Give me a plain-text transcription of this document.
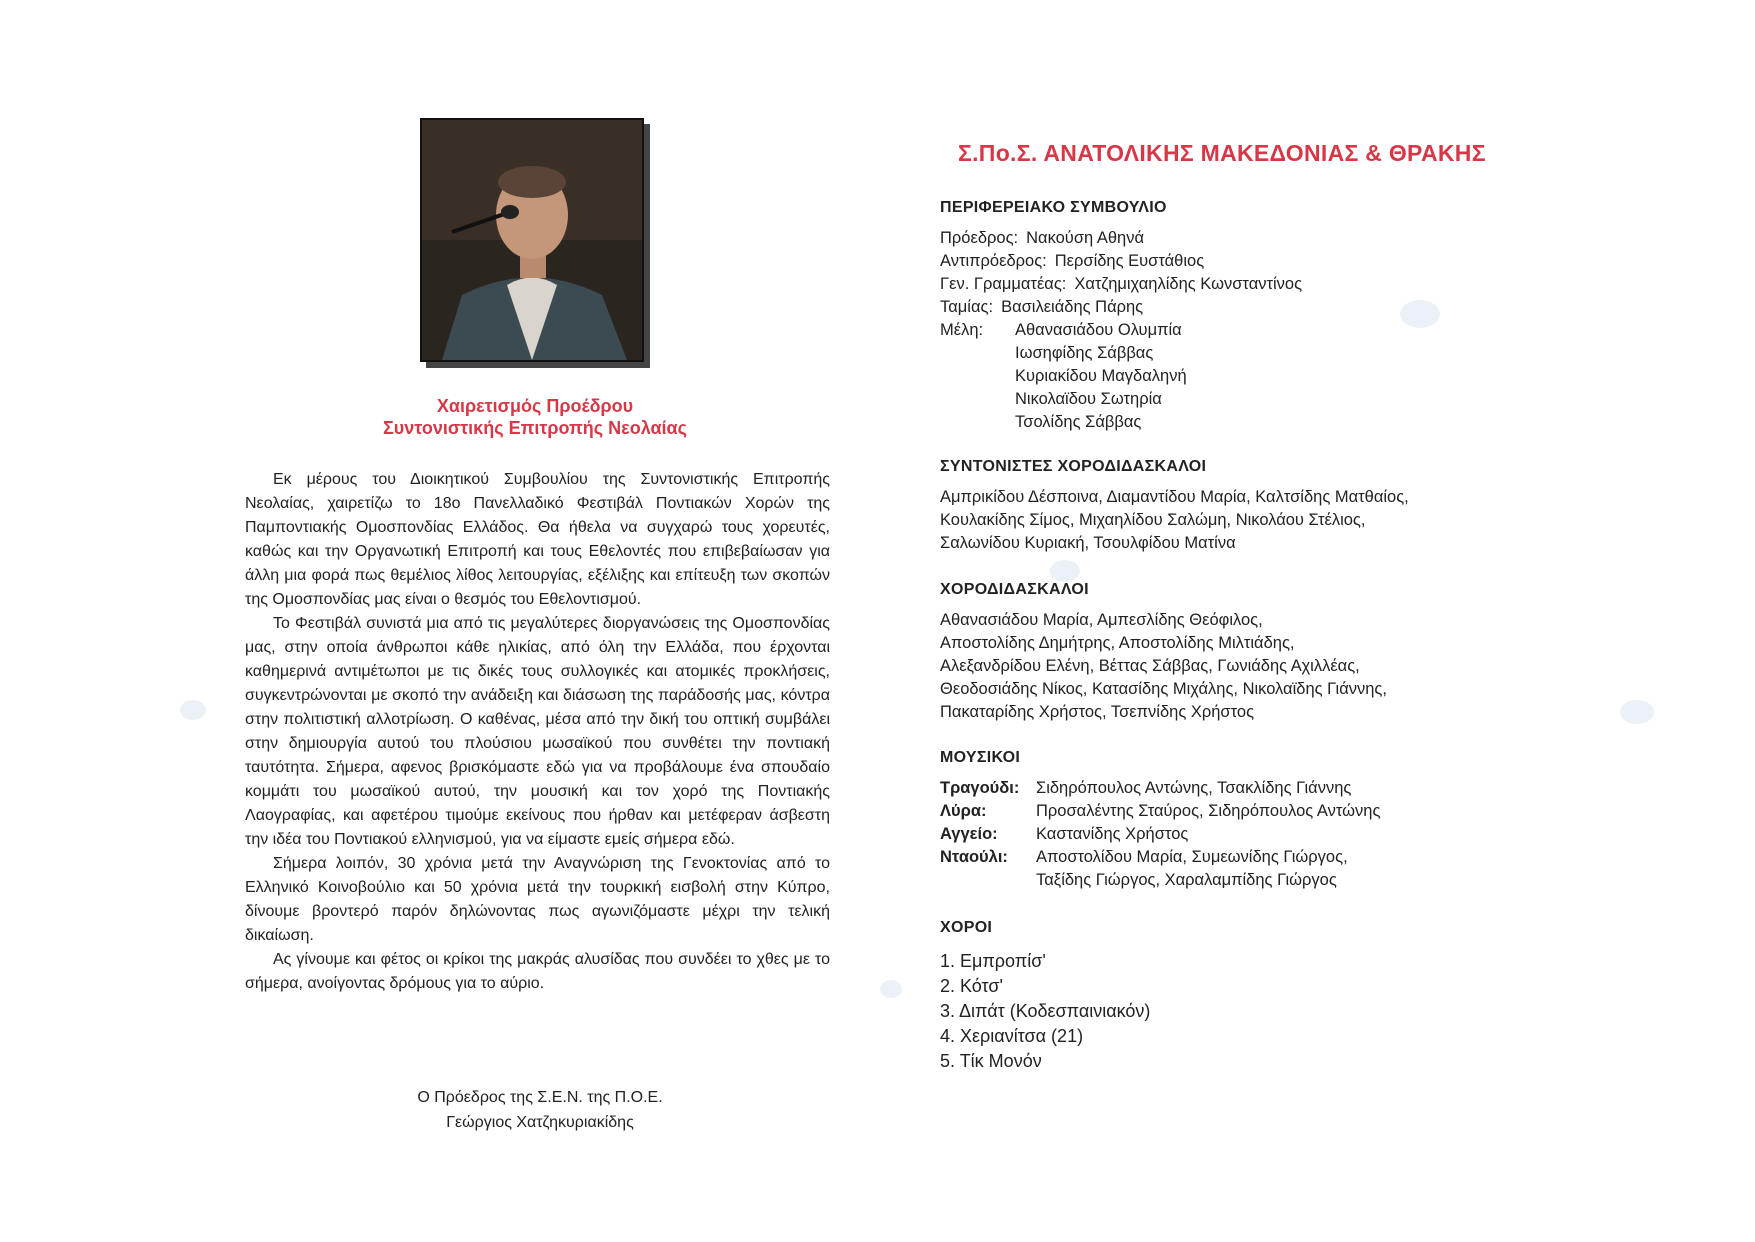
Χαιρετισμός Προέδρου
Συντονιστικής Επιτροπής Νεολαίας

Εκ μέρους του Διοικητικού Συμβουλίου της Συντονιστικής Επιτροπής Νεολαίας, χαιρετίζω το 18ο Πανελλαδικό Φεστιβάλ Ποντιακών Χορών της Παμποντιακής Ομοσπονδίας Ελλάδος. Θα ήθελα να συγχαρώ τους χορευτές, καθώς και την Οργανωτική Επιτροπή και τους Εθελοντές που επιβεβαίωσαν για άλλη μια φορά πως θεμέλιος λίθος λειτουργίας, εξέλιξης και επίτευξη των σκοπών της Ομοσπονδίας μας είναι ο θεσμός του Εθελοντισμού.

Το Φεστιβάλ συνιστά μια από τις μεγαλύτερες διοργανώσεις της Ομοσπονδίας μας, στην οποία άνθρωποι κάθε ηλικίας, από όλη την Ελλάδα, που έρχονται καθημερινά αντιμέτωποι με τις δικές τους συλλογικές και ατομικές προκλήσεις, συγκεντρώνονται με σκοπό την ανάδειξη και διάσωση της παράδοσής μας, κόντρα στην πολιτιστική αλλοτρίωση. Ο καθένας, μέσα από την δική του οπτική συμβάλει στην δημιουργία αυτού του πλούσιου μωσαϊκού που συνθέτει την ποντιακή ταυτότητα. Σήμερα, αφενος βρισκόμαστε εδώ για να προβάλουμε ένα σπουδαίο κομμάτι του μωσαϊκού αυτού, την μουσική και τον χορό της Ποντιακής Λαογραφίας, και αφετέρου τιμούμε εκείνους που ήρθαν και μετέφεραν άσβεστη την ιδέα του Ποντιακού ελληνισμού, για να είμαστε εμείς σήμερα εδώ.

Σήμερα λοιπόν, 30 χρόνια μετά την Αναγνώριση της Γενοκτονίας από το Ελληνικό Κοινοβούλιο και 50 χρόνια μετά την τουρκική εισβολή στην Κύπρο, δίνουμε βροντερό παρόν δηλώνοντας πως αγωνιζόμαστε μέχρι την τελική δικαίωση.

Ας γίνουμε και φέτος οι κρίκοι της μακράς αλυσίδας που συνδέει το χθες με το σήμερα, ανοίγοντας δρόμους για το αύριο.

Ο Πρόεδρος της Σ.Ε.Ν. της Π.Ο.Ε.
Γεώργιος Χατζηκυριακίδης
Σ.Πο.Σ. ΑΝΑΤΟΛΙΚΗΣ ΜΑΚΕΔΟΝΙΑΣ & ΘΡΑΚΗΣ
ΠΕΡΙΦΕΡΕΙΑΚΟ ΣΥΜΒΟΥΛΙΟ
Πρόεδρος: Νακούση Αθηνά
Αντιπρόεδρος: Περσίδης Ευστάθιος
Γεν. Γραμματέας: Χατζημιχαηλίδης Κωνσταντίνος
Ταμίας: Βασιλειάδης Πάρης
Μέλη:	Αθανασιάδου Ολυμπία
Ιωσηφίδης Σάββας
Κυριακίδου Μαγδαληνή
Νικολαϊδου Σωτηρία
Τσολίδης Σάββας
ΣΥΝΤΟΝΙΣΤΕΣ ΧΟΡΟΔΙΔΑΣΚΑΛΟΙ
Αμπρικίδου Δέσποινα, Διαμαντίδου Μαρία, Καλτσίδης Ματθαίος,
Κουλακίδης Σίμος, Μιχαηλίδου Σαλώμη, Νικολάου Στέλιος,
Σαλωνίδου Κυριακή, Τσουλφίδου Ματίνα
ΧΟΡΟΔΙΔΑΣΚΑΛΟΙ
Αθανασιάδου Μαρία, Αμπεσλίδης Θεόφιλος,
Αποστολίδης Δημήτρης, Αποστολίδης Μιλτιάδης,
Αλεξανδρίδου Ελένη, Βέττας Σάββας, Γωνιάδης Αχιλλέας,
Θεοδοσιάδης Νίκος, Κατασίδης Μιχάλης, Νικολαϊδης Γιάννης,
Πακαταρίδης Χρήστος, Τσεπνίδης Χρήστος
ΜΟΥΣΙΚΟΙ
Τραγούδι:	Σιδηρόπουλος Αντώνης, Τσακλίδης Γιάννης
Λύρα:	Προσαλέντης Σταύρος, Σιδηρόπουλος Αντώνης
Αγγείο:	Καστανίδης Χρήστος
Νταούλι:	Αποστολίδου Μαρία, Συμεωνίδης Γιώργος,
Ταξίδης Γιώργος, Χαραλαμπίδης Γιώργος
ΧΟΡΟΙ
1. Εμπροπίσ'
2. Κότσ'
3. Διπάτ (Κοδεσπαινιακόν)
4. Χεριανίτσα (21)
5. Τίκ Μονόν
